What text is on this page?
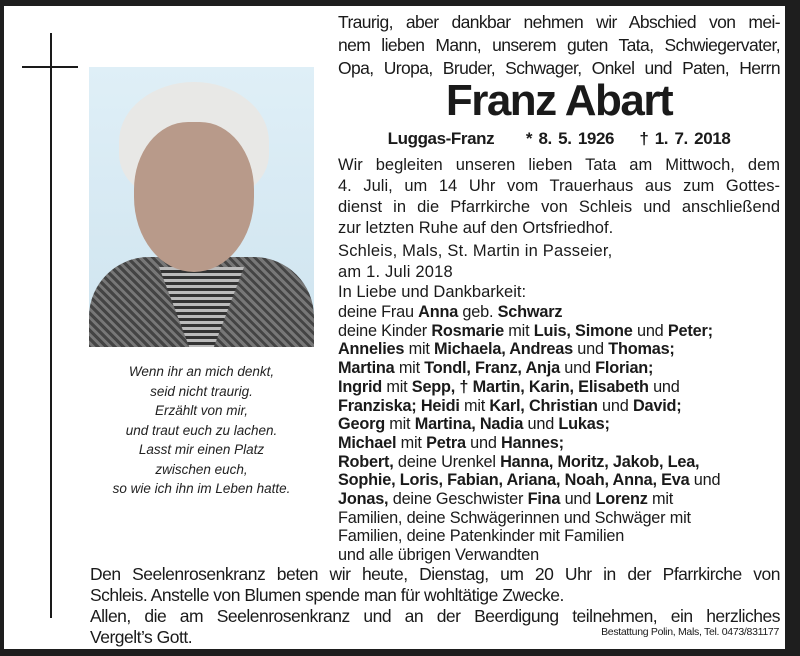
Wenn ihr an mich denkt,
seid nicht traurig.
Erzählt von mir,
und traut euch zu lachen.
Lasst mir einen Platz
zwischen euch,
so wie ich ihn im Leben hatte.
Traurig, aber dankbar nehmen wir Abschied von mei-
nem lieben Mann, unserem guten Tata, Schwiegervater,
Opa, Uropa, Bruder, Schwager, Onkel und Paten, Herrn
Franz Abart
Luggas-Franz * 8. 5. 1926 † 1. 7. 2018
Wir begleiten unseren lieben Tata am Mittwoch, dem
4. Juli, um 14 Uhr vom Trauerhaus aus zum Gottes-
dienst in die Pfarrkirche von Schleis und anschließend
zur letzten Ruhe auf den Ortsfriedhof.
Schleis, Mals, St. Martin in Passeier,
am 1. Juli 2018
In Liebe und Dankbarkeit:
deine Frau Anna geb. Schwarz
deine Kinder Rosmarie mit Luis, Simone und Peter;
Annelies mit Michaela, Andreas und Thomas;
Martina mit Tondl, Franz, Anja und Florian;
Ingrid mit Sepp, † Martin, Karin, Elisabeth und
Franziska; Heidi mit Karl, Christian und David;
Georg mit Martina, Nadia und Lukas;
Michael mit Petra und Hannes;
Robert, deine Urenkel Hanna, Moritz, Jakob, Lea,
Sophie, Loris, Fabian, Ariana, Noah, Anna, Eva und
Jonas, deine Geschwister Fina und Lorenz mit
Familien, deine Schwägerinnen und Schwäger mit
Familien, deine Patenkinder mit Familien
und alle übrigen Verwandten
Den Seelenrosenkranz beten wir heute, Dienstag, um 20 Uhr in der Pfarrkirche von
Schleis. Anstelle von Blumen spende man für wohltätige Zwecke.
Allen, die am Seelenrosenkranz und an der Beerdigung teilnehmen, ein herzliches
Vergelt’s Gott.	Bestattung Polin, Mals, Tel. 0473/831177
